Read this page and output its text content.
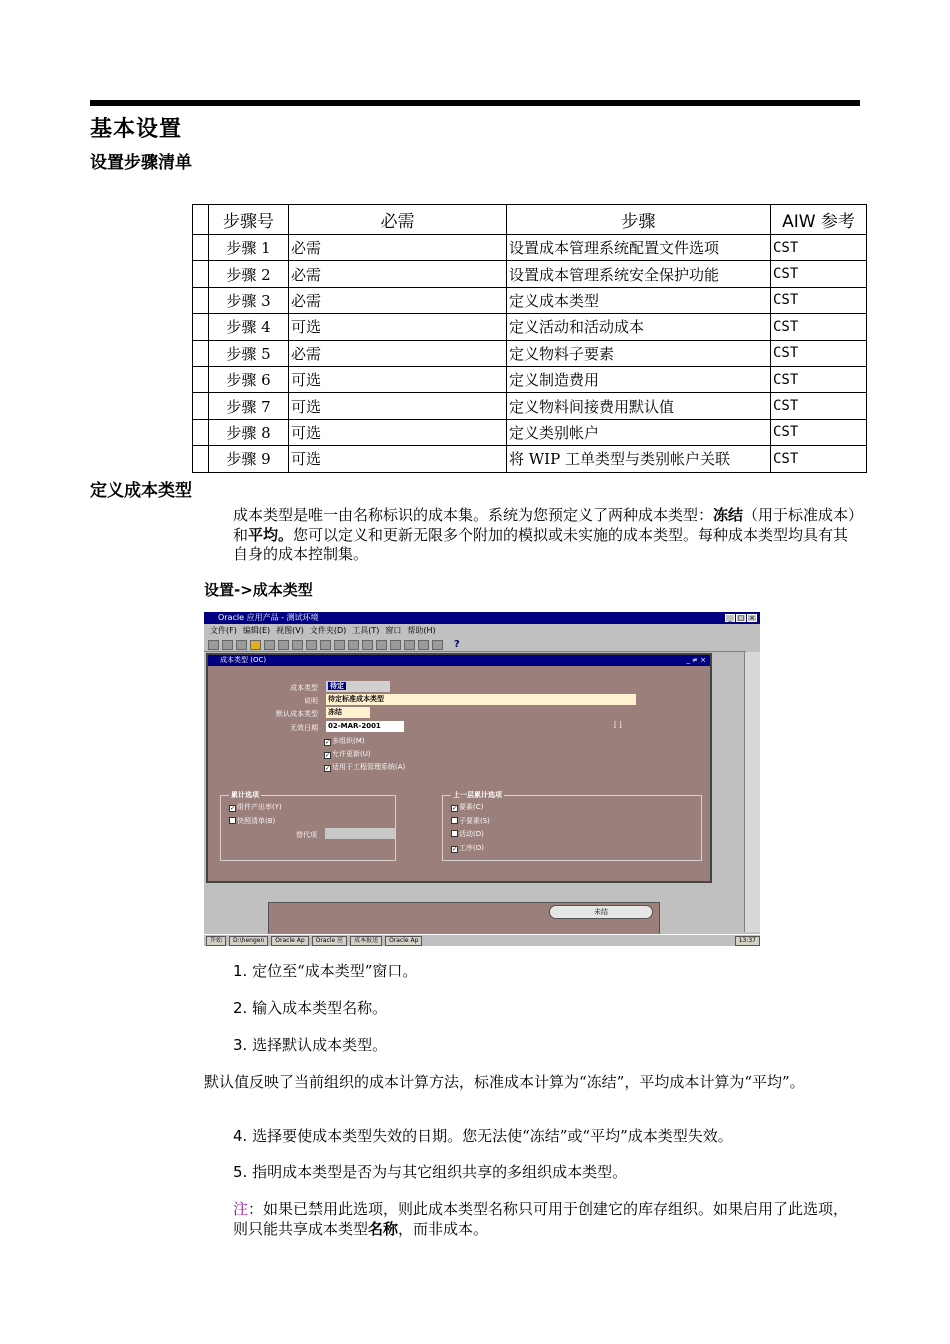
基本设置
设置步骤清单
	步骤号	必需	步骤	AIW 参考
	步骤 1	必需	设置成本管理系统配置文件选项	CST
	步骤 2	必需	设置成本管理系统安全保护功能	CST
	步骤 3	必需	定义成本类型	CST
	步骤 4	可选	定义活动和活动成本	CST
	步骤 5	必需	定义物料子要素	CST
	步骤 6	可选	定义制造费用	CST
	步骤 7	可选	定义物料间接费用默认值	CST
	步骤 8	可选	定义类别帐户	CST
	步骤 9	可选	将 WIP 工单类型与类别帐户关联	CST
定义成本类型
成本类型是唯一由名称标识的成本集。系统为您预定义了两种成本类型：冻结（用于标准成本）和平均。您可以定义和更新无限多个附加的模拟或未实施的成本类型。每种成本类型均具有其自身的成本控制集。
设置->成本类型
Oracle 应用产品 - 测试环境	_ □ ×
文件(F) 编辑(E) 视图(V) 文件夹(D) 工具(T) 窗口 帮助(H)
?
未结
成本类型 (OC)	_ ≠ ×
成本类型	待定
说明 待定标准成本类型
默认成本类型 冻结
无效日期 02-MAR-2001	[ ]
✓ 多组织(M)
✓ 允许更新(U)
✓ 适用于工程管理系统(A)
累计选项
✓ 组件产出率(Y)
快照清单(B)
替代项
上一层累计选项
✓ 要素(C)
子要素(S)
活动(D)
✓ 工序(O)
开始	D:\hengen	Oracle Ap	Oracle 应	成本报送	Oracle Ap	13:37
1. 定位至“成本类型”窗口。
2. 输入成本类型名称。
3. 选择默认成本类型。
默认值反映了当前组织的成本计算方法，标准成本计算为“冻结”，平均成本计算为“平均”。
4. 选择要使成本类型失效的日期。您无法使“冻结”或“平均”成本类型失效。
5. 指明成本类型是否为与其它组织共享的多组织成本类型。
注：如果已禁用此选项，则此成本类型名称只可用于创建它的库存组织。如果启用了此选项，则只能共享成本类型名称，而非成本。
